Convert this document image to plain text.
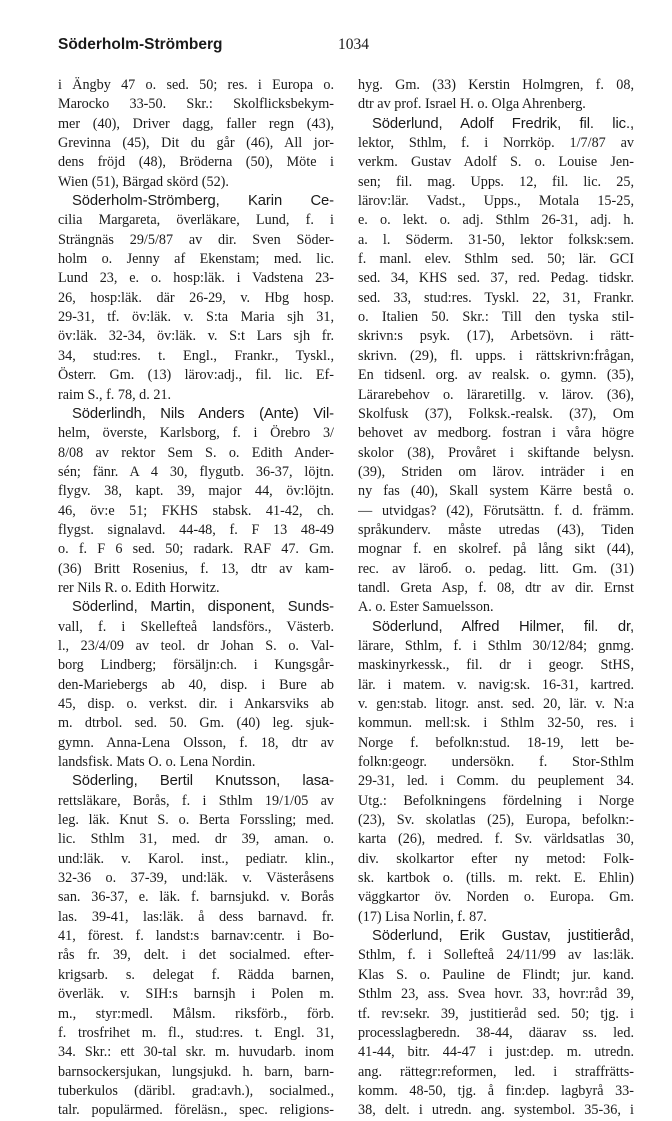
Söderholm-Strömberg	1034
i Ängby 47 o. sed. 50; res. i Europa o.
Marocko 33-50. Skr.: Skolflicksbekym-
mer (40), Driver dagg, faller regn (43),
Grevinna (45), Dit du går (46), All jor-
dens fröjd (48), Bröderna (50), Möte i
Wien (51), Bärgad skörd (52).
Söderholm-Strömberg, Karin Ce-
cilia Margareta, överläkare, Lund, f. i
Strängnäs 29/5/87 av dir. Sven Söder-
holm o. Jenny af Ekenstam; med. lic.
Lund 23, e. o. hosp:läk. i Vadstena 23-
26, hosp:läk. där 26-29, v. Hbg hosp.
29-31, tf. öv:läk. v. S:ta Maria sjh 31,
öv:läk. 32-34, öv:läk. v. S:t Lars sjh fr.
34, stud:res. t. Engl., Frankr., Tyskl.,
Österr. Gm. (13) lärov:adj., fil. lic. Ef-
raim S., f. 78, d. 21.
Söderlindh, Nils Anders (Ante) Vil-
helm, överste, Karlsborg, f. i Örebro 3/
8/08 av rektor Sem S. o. Edith Ander-
sén; fänr. A 4 30, flygutb. 36-37, löjtn.
flygv. 38, kapt. 39, major 44, öv:löjtn.
46, öv:e 51; FKHS stabsk. 41-42, ch.
flygst. signalavd. 44-48, f. F 13 48-49
o. f. F 6 sed. 50; radark. RAF 47. Gm.
(36) Britt Rosenius, f. 13, dtr av kam-
rer Nils R. o. Edith Horwitz.
Söderlind, Martin, disponent, Sunds-
vall, f. i Skellefteå landsförs., Västerb.
l., 23/4/09 av teol. dr Johan S. o. Val-
borg Lindberg; försäljn:ch. i Kungsgår-
den-Mariebergs ab 40, disp. i Bure ab
45, disp. o. verkst. dir. i Ankarsviks ab
m. dtrbol. sed. 50. Gm. (40) leg. sjuk-
gymn. Anna-Lena Olsson, f. 18, dtr av
landsfisk. Mats O. o. Lena Nordin.
Söderling, Bertil Knutsson, lasa-
rettsläkare, Borås, f. i Sthlm 19/1/05 av
leg. läk. Knut S. o. Berta Forssling; med.
lic. Sthlm 31, med. dr 39, aman. o.
und:läk. v. Karol. inst., pediatr. klin.,
32-36 o. 37-39, und:läk. v. Västeråsens
san. 36-37, e. läk. f. barnsjukd. v. Borås
las. 39-41, las:läk. å dess barnavd. fr.
41, förest. f. landst:s barnav:centr. i Bo-
rås fr. 39, delt. i det socialmed. efter-
krigsarb. s. delegat f. Rädda barnen,
överläk. v. SIH:s barnsjh i Polen m.
m., styr:medl. Målsm. riksförb., förb.
f. trosfrihet m. fl., stud:res. t. Engl. 31,
34. Skr.: ett 30-tal skr. m. huvudarb. inom
barnsockersjukan, lungsjukd. h. barn, barn-
tuberkulos (däribl. grad:avh.), socialmed.,
talr. populärmed. föreläsn., spec. religions-
hyg. Gm. (33) Kerstin Holmgren, f. 08,
dtr av prof. Israel H. o. Olga Ahrenberg.
Söderlund, Adolf Fredrik, fil. lic.,
lektor, Sthlm, f. i Norrköp. 1/7/87 av
verkm. Gustav Adolf S. o. Louise Jen-
sen; fil. mag. Upps. 12, fil. lic. 25,
lärov:lär. Vadst., Upps., Motala 15-25,
e. o. lekt. o. adj. Sthlm 26-31, adj. h.
a. l. Söderm. 31-50, lektor folksk:sem.
f. manl. elev. Sthlm sed. 50; lär. GCI
sed. 34, KHS sed. 37, red. Pedag. tidskr.
sed. 33, stud:res. Tyskl. 22, 31, Frankr.
o. Italien 50. Skr.: Till den tyska stil-
skrivn:s psyk. (17), Arbetsövn. i rätt-
skrivn. (29), fl. upps. i rättskrivn:frågan,
En tidsenl. org. av realsk. o. gymn. (35),
Lärarebehov o. läraretillg. v. lärov. (36),
Skolfusk (37), Folksk.-realsk. (37), Om
behovet av medborg. fostran i våra högre
skolor (38), Provåret i skiftande belysn.
(39), Striden om lärov. inträder i en
ny fas (40), Skall system Kärre bestå o.
— utvidgas? (42), Förutsättn. f. d. främm.
språkunderv. måste utredas (43), Tiden
mognar f. en skolref. på lång sikt (44),
rec. av läroб. o. pedag. litt. Gm. (31)
tandl. Greta Asp, f. 08, dtr av dir. Ernst
A. o. Ester Samuelsson.
Söderlund, Alfred Hilmer, fil. dr,
lärare, Sthlm, f. i Sthlm 30/12/84; gnmg.
maskinyrkessk., fil. dr i geogr. StHS,
lär. i matem. v. navig:sk. 16-31, kartred.
v. gen:stab. litogr. anst. sed. 20, lär. v. N:a
kommun. mell:sk. i Sthlm 32-50, res. i
Norge f. befolkn:stud. 18-19, lett be-
folkn:geogr. undersökn. f. Stor-Sthlm
29-31, led. i Comm. du peuplement 34.
Utg.: Befolkningens fördelning i Norge
(23), Sv. skolatlas (25), Europa, befolkn:-
karta (26), medred. f. Sv. världsatlas 30,
div. skolkartor efter ny metod: Folk-
sk. kartbok o. (tills. m. rekt. E. Ehlin)
väggkartor öv. Norden o. Europa. Gm.
(17) Lisa Norlin, f. 87.
Söderlund, Erik Gustav, justitieråd,
Sthlm, f. i Sollefteå 24/11/99 av las:läk.
Klas S. o. Pauline de Flindt; jur. kand.
Sthlm 23, ass. Svea hovr. 33, hovr:råd 39,
tf. rev:sekr. 39, justitieråd sed. 50; tjg. i
processlagberedn. 38-44, däarav ss. led.
41-44, bitr. 44-47 i just:dep. m. utredn.
ang. rättegr:reformen, led. i straffrätts-
komm. 48-50, tjg. å fin:dep. lagbyrå 33-
38, delt. i utredn. ang. systembol. 35-36, i
